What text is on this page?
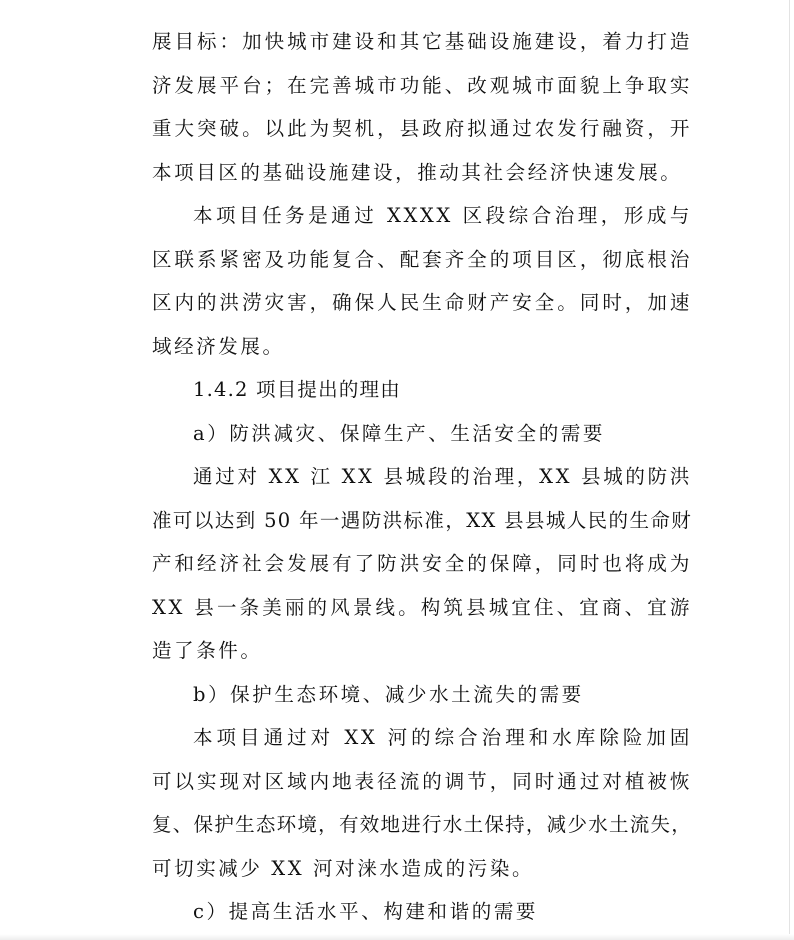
展目标：加快城市建设和其它基础设施建设，着力打造
济发展平台；在完善城市功能、改观城市面貌上争取实
重大突破。以此为契机，县政府拟通过农发行融资，开
本项目区的基础设施建设，推动其社会经济快速发展。
本项目任务是通过 XXXX 区段综合治理，形成与
区联系紧密及功能复合、配套齐全的项目区，彻底根治
区内的洪涝灾害，确保人民生命财产安全。同时，加速
域经济发展。
1.4.2 项目提出的理由
a）防洪减灾、保障生产、生活安全的需要
通过对 XX 江 XX 县城段的治理，XX 县城的防洪
准可以达到 50 年一遇防洪标准，XX 县县城人民的生命财
产和经济社会发展有了防洪安全的保障，同时也将成为
XX 县一条美丽的风景线。构筑县城宜住、宜商、宜游
造了条件。
b）保护生态环境、减少水土流失的需要
本项目通过对 XX 河的综合治理和水库除险加固
可以实现对区域内地表径流的调节，同时通过对植被恢
复、保护生态环境，有效地进行水土保持，减少水土流失，
可切实减少 XX 河对涞水造成的污染。
c）提高生活水平、构建和谐的需要
